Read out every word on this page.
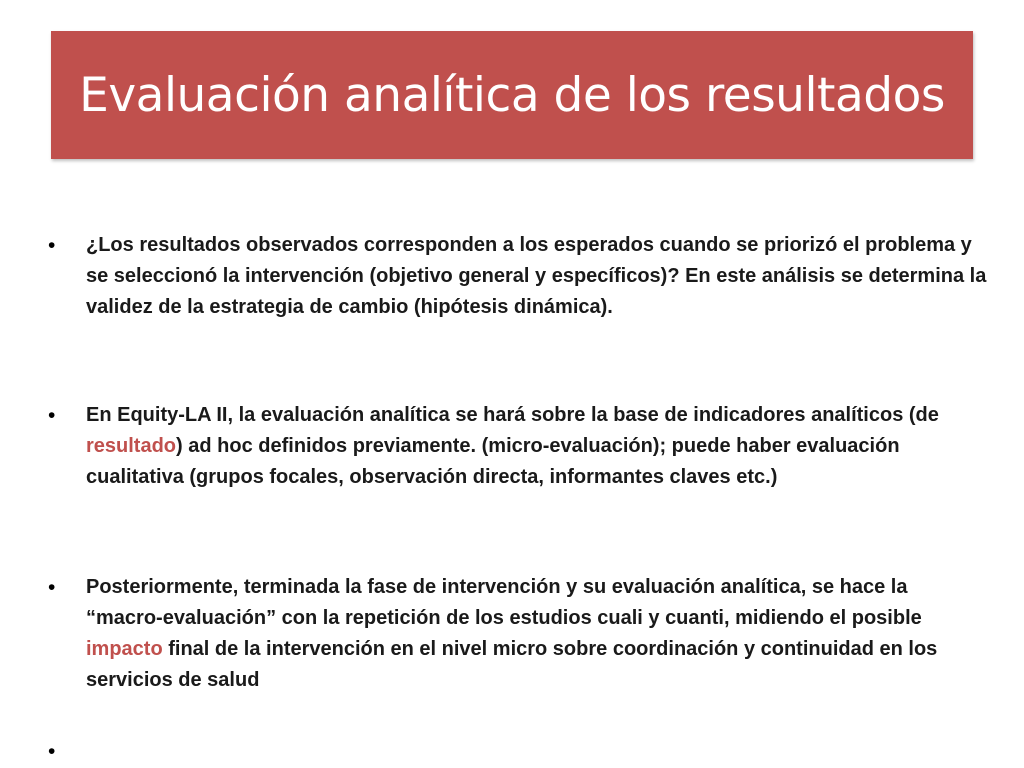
Evaluación analítica de los resultados
•	¿Los resultados observados corresponden a los esperados cuando se priorizó el problema y se seleccionó la intervención (objetivo general y específicos)? En este análisis se determina la validez de la estrategia de cambio (hipótesis dinámica).
•	En Equity-LA II, la evaluación analítica se hará sobre la base de indicadores analíticos (de resultado) ad hoc definidos previamente. (micro-evaluación); puede haber evaluación cualitativa (grupos focales, observación directa, informantes claves etc.)
•	Posteriormente, terminada la fase de intervención y su evaluación analítica, se hace la “macro-evaluación” con la repetición de los estudios cuali y cuanti, midiendo el posible impacto final de la intervención en el nivel micro sobre coordinación y continuidad en los servicios de salud
•
